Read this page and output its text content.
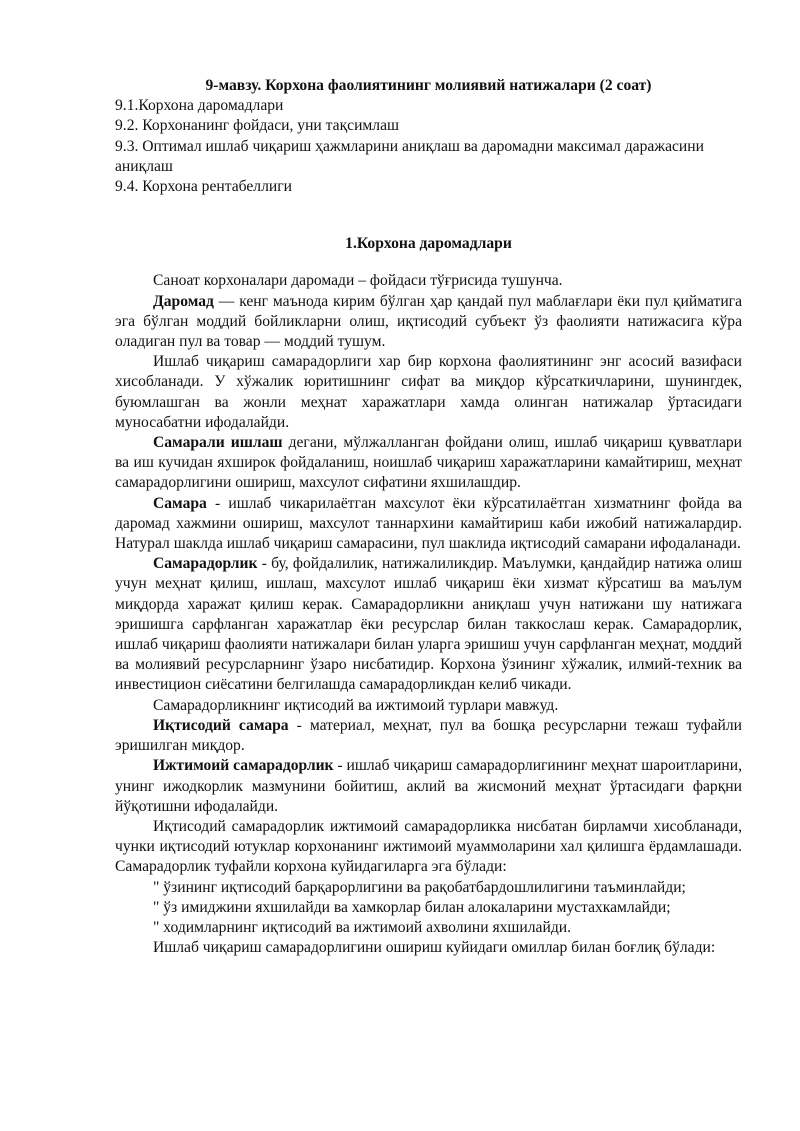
9-мавзу. Корхона фаолиятининг молиявий натижалари (2 соат)
9.1.Корхона даромадлари
9.2. Корхонанинг фойдаси, уни тақсимлаш
9.3. Оптимал ишлаб чиқариш ҳажмларини аниқлаш ва даромадни максимал даражасини аниқлаш
9.4. Корхона рентабеллиги
1.Корхона даромадлари

Саноат корхоналари даромади – фойдаси тўғрисида тушунча.

Даромад — кенг маънода кирим бўлган ҳар қандай пул маблағлари ёки пул қийматига эга бўлган моддий бойликларни олиш, иқтисодий субъект ўз фаолияти натижасига кўра оладиган пул ва товар — моддий тушум.

Ишлаб чиқариш самарадорлиги хар бир корхона фаолиятининг энг асосий вазифаси хисобланади. У хўжалик юритишнинг сифат ва миқдор кўрсаткичларини, шунингдек, буюмлашган ва жонли меҳнат харажатлари хамда олинган натижалар ўртасидаги муносабатни ифодалайди.

Самарали ишлаш дегани, мўлжалланган фойдани олиш, ишлаб чиқариш қувватлари ва иш кучидан яхширок фойдаланиш, ноишлаб чиқариш харажатларини камайтириш, меҳнат самарадорлигини ошириш, махсулот сифатини яхшилашдир.

Самара - ишлаб чикарилаётган махсулот ёки кўрсатилаётган хизматнинг фойда ва даромад хажмини ошириш, махсулот таннархини камайтириш каби ижобий натижалардир. Натурал шаклда ишлаб чиқариш самарасини, пул шаклида иқтисодий самарани ифодаланади.

Самарадорлик - бу, фойдалилик, натижалиликдир. Маълумки, қандайдир натижа олиш учун меҳнат қилиш, ишлаш, махсулот ишлаб чиқариш ёки хизмат кўрсатиш ва маълум миқдорда харажат қилиш керак. Самарадорликни аниқлаш учун натижани шу натижага эришишга сарфланган харажатлар ёки ресурслар билан таккослаш керак. Самарадорлик, ишлаб чиқариш фаолияти натижалари билан уларга эришиш учун сарфланган меҳнат, моддий ва молиявий ресурсларнинг ўзаро нисбатидир. Корхона ўзининг хўжалик, илмий-техник ва инвестицион сиёсатини белгилашда самарадорликдан келиб чикади.

Самарадорликнинг иқтисодий ва ижтимоий турлари мавжуд.

Иқтисодий самара - материал, меҳнат, пул ва бошқа ресурсларни тежаш туфайли эришилган миқдор.

Ижтимоий самарадорлик - ишлаб чиқариш самарадорлигининг меҳнат шароитларини, унинг ижодкорлик мазмунини бойитиш, аклий ва жисмоний меҳнат ўртасидаги фарқни йўқотишни ифодалайди.

Иқтисодий самарадорлик ижтимоий самарадорликка нисбатан бирламчи хисобланади, чунки иқтисодий ютуклар корхонанинг ижтимоий муаммоларини хал қилишга ёрдамлашади. Самарадорлик туфайли корхона куйидагиларга эга бўлади:

" ўзининг иқтисодий барқарорлигини ва рақобатбардошлилигини таъминлайди;

" ўз имиджини яхшилайди ва хамкорлар билан алокаларини мустахкамлайди;

" ходимларнинг иқтисодий ва ижтимоий ахволини яхшилайди.

Ишлаб чиқариш самарадорлигини ошириш куйидаги омиллар билан боғлиқ бўлади:
